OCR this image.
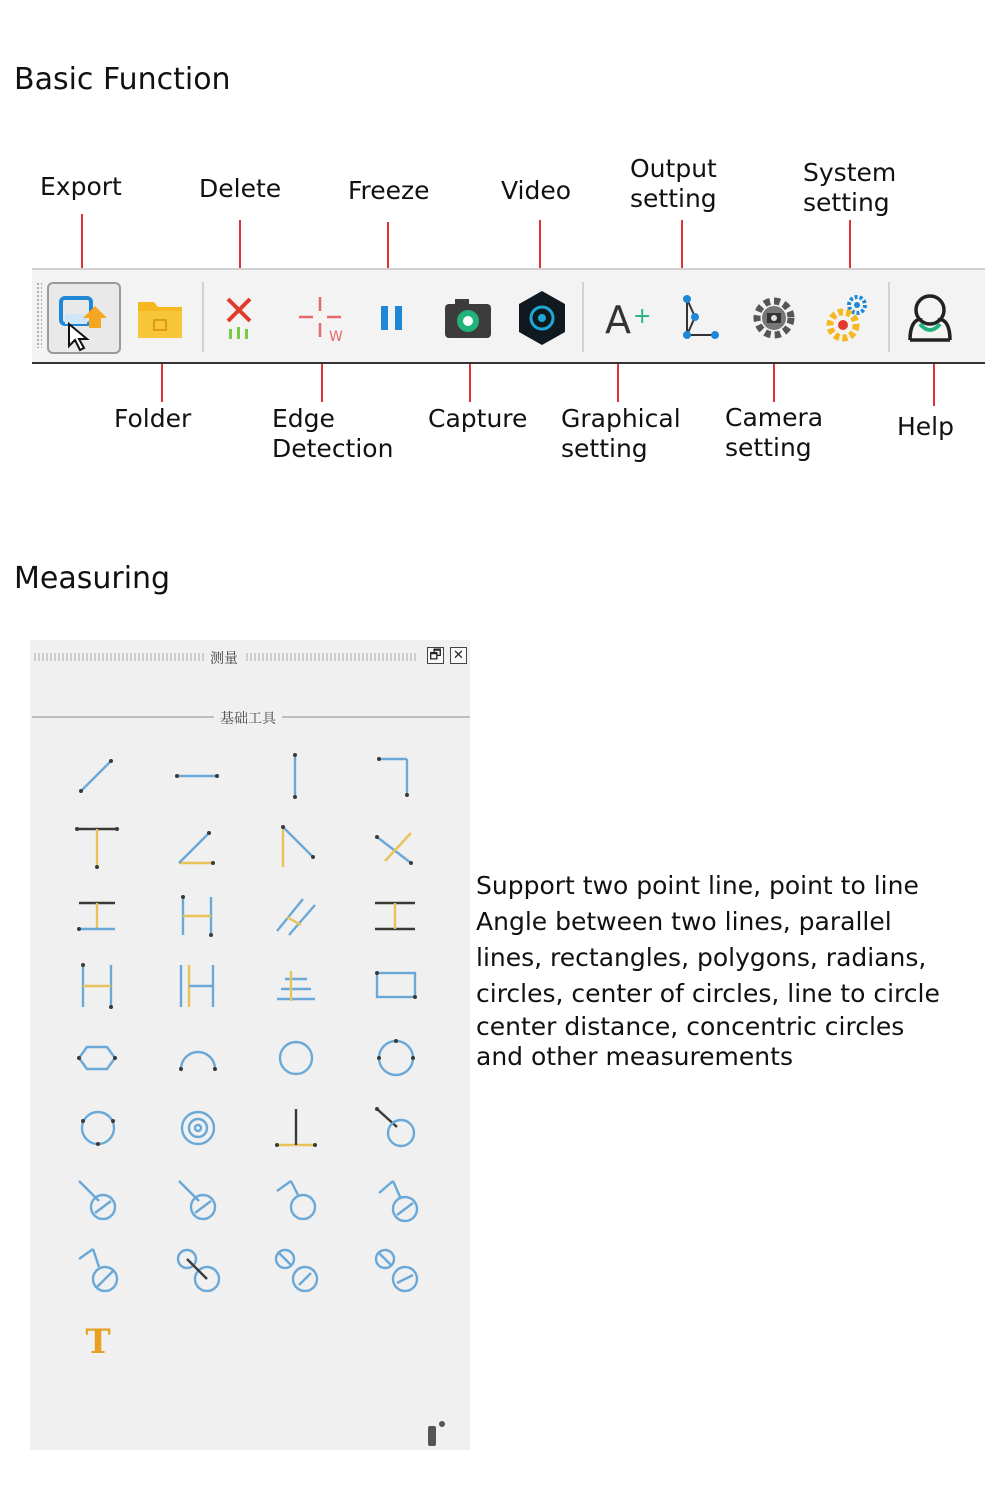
Basic Function
Export	Delete	Freeze	Video
Output
setting
System
setting
Folder	Edge
Detection
Capture Graphical
setting
Camera
setting
Help
W	A +
Measuring
测量	🗗 ✕
基础工具
T
Support two point line, point to line
Angle between two lines, parallel
lines, rectangles, polygons, radians,
circles, center of circles, line to circle
center distance, concentric circles
and other measurements
